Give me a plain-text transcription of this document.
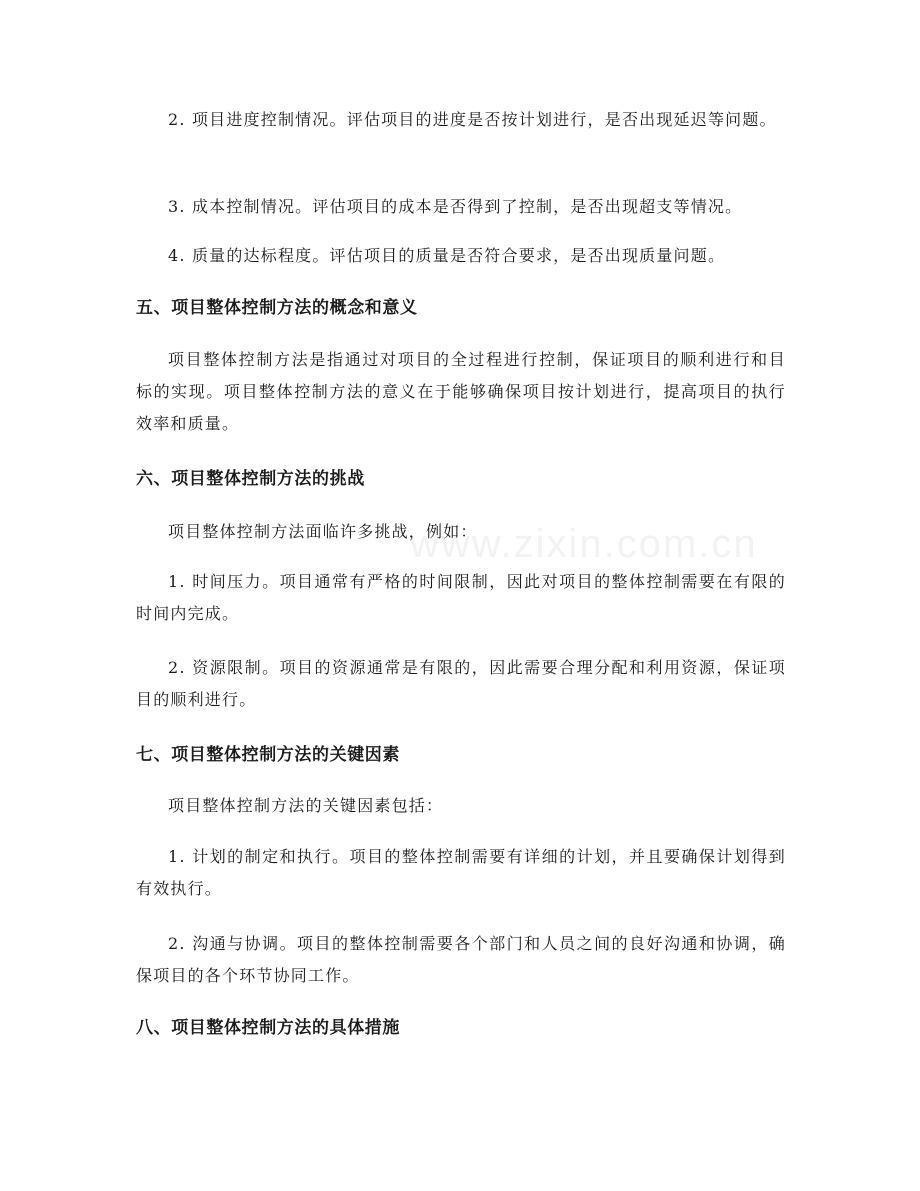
www.zixin.com.cn

2. 项目进度控制情况。评估项目的进度是否按计划进行，是否出现延迟等问题。

3. 成本控制情况。评估项目的成本是否得到了控制，是否出现超支等情况。

4. 质量的达标程度。评估项目的质量是否符合要求，是否出现质量问题。

五、项目整体控制方法的概念和意义

项目整体控制方法是指通过对项目的全过程进行控制，保证项目的顺利进行和目标的实现。项目整体控制方法的意义在于能够确保项目按计划进行，提高项目的执行效率和质量。

六、项目整体控制方法的挑战

项目整体控制方法面临许多挑战，例如：

1. 时间压力。项目通常有严格的时间限制，因此对项目的整体控制需要在有限的时间内完成。

2. 资源限制。项目的资源通常是有限的，因此需要合理分配和利用资源，保证项目的顺利进行。

七、项目整体控制方法的关键因素

项目整体控制方法的关键因素包括：

1. 计划的制定和执行。项目的整体控制需要有详细的计划，并且要确保计划得到有效执行。

2. 沟通与协调。项目的整体控制需要各个部门和人员之间的良好沟通和协调，确保项目的各个环节协同工作。

八、项目整体控制方法的具体措施
